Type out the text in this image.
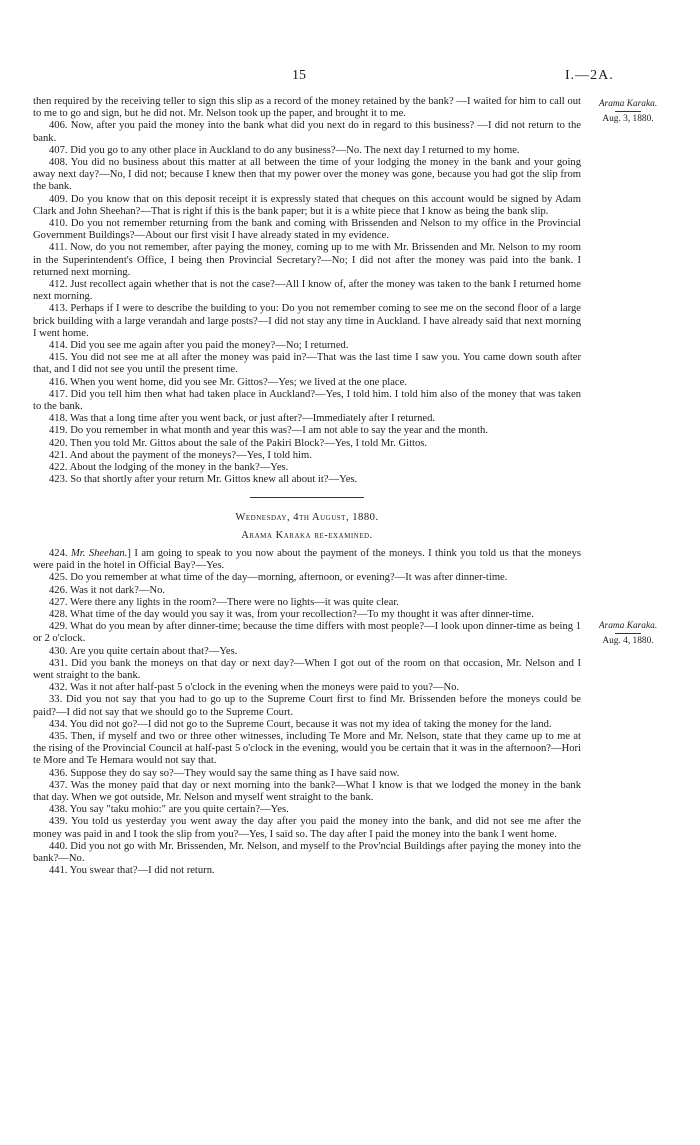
15	I.—2A.
Arama Karaka.
Aug. 3, 1880.
Arama Karaka.
Aug. 4, 1880.

then required by the receiving teller to sign this slip as a record of the money retained by the bank? —I waited for him to call out to me to go and sign, but he did not. Mr. Nelson took up the paper, and brought it to me.

406. Now, after you paid the money into the bank what did you next do in regard to this business? —I did not return to the bank.

407. Did you go to any other place in Auckland to do any business?—No. The next day I returned to my home.

408. You did no business about this matter at all between the time of your lodging the money in the bank and your going away next day?—No, I did not; because I knew then that my power over the money was gone, because you had got the slip from the bank.

409. Do you know that on this deposit receipt it is expressly stated that cheques on this account would be signed by Adam Clark and John Sheehan?—That is right if this is the bank paper; but it is a white piece that I know as being the bank slip.

410. Do you not remember returning from the bank and coming with Brissenden and Nelson to my office in the Provincial Government Buildings?—About our first visit I have already stated in my evidence.

411. Now, do you not remember, after paying the money, coming up to me with Mr. Brissenden and Mr. Nelson to my room in the Superintendent's Office, I being then Provincial Secretary?—No; I did not after the money was paid into the bank. I returned next morning.

412. Just recollect again whether that is not the case?—All I know of, after the money was taken to the bank I returned home next morning.

413. Perhaps if I were to describe the building to you: Do you not remember coming to see me on the second floor of a large brick building with a large verandah and large posts?—I did not stay any time in Auckland. I have already said that next morning I went home.

414. Did you see me again after you paid the money?—No; I returned.

415. You did not see me at all after the money was paid in?—That was the last time I saw you. You came down south after that, and I did not see you until the present time.

416. When you went home, did you see Mr. Gittos?—Yes; we lived at the one place.

417. Did you tell him then what had taken place in Auckland?—Yes, I told him. I told him also of the money that was taken to the bank.

418. Was that a long time after you went back, or just after?—Immediately after I returned.

419. Do you remember in what month and year this was?—I am not able to say the year and the month.

420. Then you told Mr. Gittos about the sale of the Pakiri Block?—Yes, I told Mr. Gittos.

421. And about the payment of the moneys?—Yes, I told him.

422. About the lodging of the money in the bank?—Yes.

423. So that shortly after your return Mr. Gittos knew all about it?—Yes.

Wednesday, 4th August, 1880.

Arama Karaka re-examined.

424. Mr. Sheehan.] I am going to speak to you now about the payment of the moneys. I think you told us that the moneys were paid in the hotel in Official Bay?—Yes.

425. Do you remember at what time of the day—morning, afternoon, or evening?—It was after dinner-time.

426. Was it not dark?—No.

427. Were there any lights in the room?—There were no lights—it was quite clear.

428. What time of the day would you say it was, from your recollection?—To my thought it was after dinner-time.

429. What do you mean by after dinner-time; because the time differs with most people?—I look upon dinner-time as being 1 or 2 o'clock.

430. Are you quite certain about that?—Yes.

431. Did you bank the moneys on that day or next day?—When I got out of the room on that occasion, Mr. Nelson and I went straight to the bank.

432. Was it not after half-past 5 o'clock in the evening when the moneys were paid to you?—No.

33. Did you not say that you had to go up to the Supreme Court first to find Mr. Brissenden before the moneys could be paid?—I did not say that we should go to the Supreme Court.

434. You did not go?—I did not go to the Supreme Court, because it was not my idea of taking the money for the land.

435. Then, if myself and two or three other witnesses, including Te More and Mr. Nelson, state that they came up to me at the rising of the Provincial Council at half-past 5 o'clock in the evening, would you be certain that it was in the afternoon?—Hori te More and Te Hemara would not say that.

436. Suppose they do say so?—They would say the same thing as I have said now.

437. Was the money paid that day or next morning into the bank?—What I know is that we lodged the money in the bank that day. When we got outside, Mr. Nelson and myself went straight to the bank.

438. You say "taku mohio:" are you quite certain?—Yes.

439. You told us yesterday you went away the day after you paid the money into the bank, and did not see me after the money was paid in and I took the slip from you?—Yes, I said so. The day after I paid the money into the bank I went home.

440. Did you not go with Mr. Brissenden, Mr. Nelson, and myself to the Prov'ncial Buildings after paying the money into the bank?—No.

441. You swear that?—I did not return.
